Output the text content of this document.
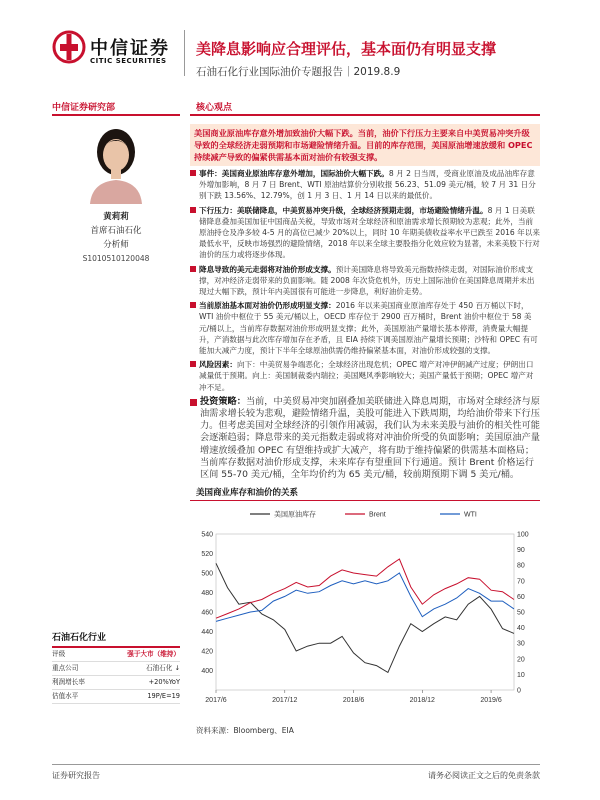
中信证券
CITIC SECURITIES
美降息影响应合理评估，基本面仍有明显支撑
石油石化行业国际油价专题报告｜2019.8.9
中信证券研究部	核心观点
黄莉莉
首席石油石化
分析师
S1010510120048
美国商业原油库存意外增加致油价大幅下跌。当前，油价下行压力主要来自中美贸易冲突升级导致的全球经济走弱预期和市场避险情绪升温。目前的库存范围，美国原油增速放缓和 OPEC 持续减产导致的偏紧供需基本面对油价有较强支撑。
事件：美国商业原油库存意外增加，国际油价大幅下跌。8 月 2 日当周，受商业原油及成品油库存意外增加影响，8 月 7 日 Brent、WTI 原油结算价分别收报 56.23、51.09 美元/桶，较 7 月 31 日分别下跌 13.56%、12.79%，创 1 月 3 日、1 月 14 日以来的最低价。
下行压力：美联储降息，中美贸易冲突升级，全球经济预期走弱，市场避险情绪升温。8 月 1 日美联储降息叠加美国加征中国商品关税，导致市场对全球经济和原油需求增长预期较为悲观；此外，当前原油持仓及净多较 4-5 月的高位已减少 20%以上，同时 10 年期美债收益率水平已跌至 2016 年以来最低水平，反映市场强烈的避险情绪，2018 年以来全球主要股指分化效应较为显著，未来美股下行对油价的压力或将逐步体现。
降息导致的美元走弱将对油价形成支撑。预计美国降息将导致美元指数持续走弱，对国际油价形成支撑，对冲经济走弱带来的负面影响。随 2008 年次贷危机外，历史上国际油价在美国降息周期并未出现过大幅下跌，预计年内美国很有可能进一步降息，利好油价走势。
当前原油基本面对油价仍形成明显支撑：2016 年以来美国商业原油库存处于 450 百万桶以下时，WTI 油价中枢位于 55 美元/桶以上，OECD 库存位于 2900 百万桶时，Brent 油价中枢位于 58 美元/桶以上，当前库存数据对油价形成明显支撑；此外，美国原油产量增长基本停滞，消费量大幅提升，产消数据与此次库存增加存在矛盾，且 EIA 持续下调美国原油产量增长预期；沙特和 OPEC 有可能加大减产力度，预计下半年全球原油供需仍维持偏紧基本面，对油价形成较强的支撑。
风险因素：向下：中美贸易争端恶化；全球经济出现危机；OPEC 增产对冲伊朗减产过度；伊朗出口减量低于预期。向上：美国制裁委内瑞拉；美国飓风季影响较大；美国产量低于预期；OPEC 增产对冲不足。
投资策略：当前，中美贸易冲突加剧叠加美联储进入降息周期，市场对全球经济与原油需求增长较为悲观，避险情绪升温，美股可能进入下跌周期，均给油价带来下行压力。但考虑美国对全球经济的引领作用减弱，我们认为未来美股与油价的相关性可能会逐渐趋弱；降息带来的美元指数走弱或将对冲油价所受的负面影响；美国原油产量增速放缓叠加 OPEC 有望维持或扩大减产，将有助于维持偏紧的供需基本面格局；当前库存数据对油价形成支撑，未来库存有望重回下行通道。预计 Brent 价格运行区间 55-70 美元/桶，全年均价约为 65 美元/桶，较前期预期下调 5 美元/桶。
美国商业库存和油价的关系
400
420
440
460
480
500
520
540
0
10
20
30
40
50
60
70
80
90
100
2017/6	2017/12	2018/6	2018/12	2019/6
美国原油库存	Brent	WTI
资料来源：Bloomberg、EIA
石油石化行业
评级	强于大市（维持）
重点公司	石油石化 ↓
利润增长率	+20%YoY
估值水平	19P/E=19
证券研究报告	请务必阅读正文之后的免责条款
